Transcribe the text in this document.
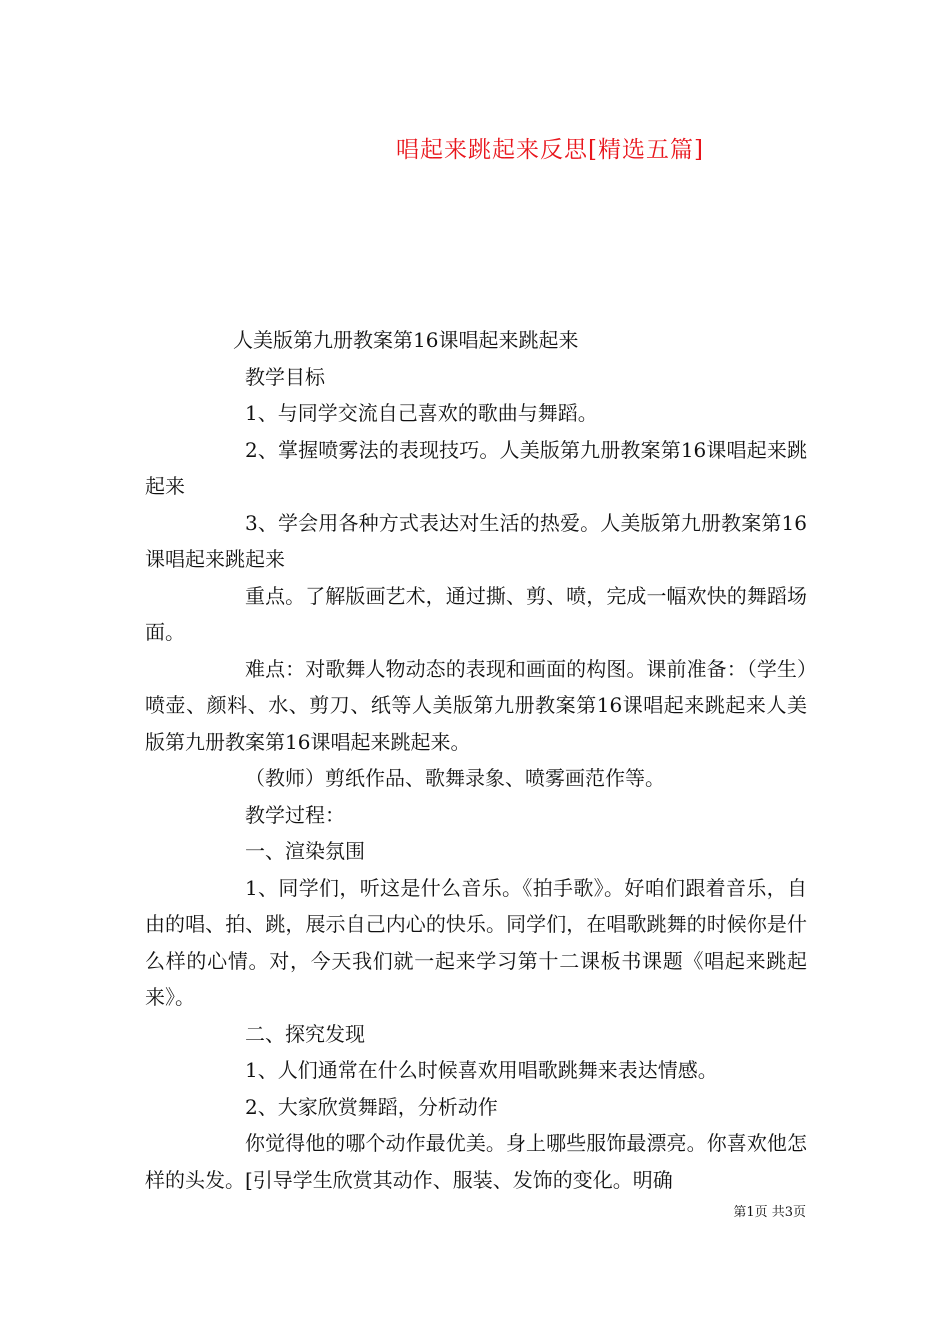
唱起来跳起来反思[精选五篇]

人美版第九册教案第16课唱起来跳起来

教学目标

1、与同学交流自己喜欢的歌曲与舞蹈。

2、掌握喷雾法的表现技巧。人美版第九册教案第16课唱起来跳起来

3、学会用各种方式表达对生活的热爱。人美版第九册教案第16课唱起来跳起来

重点。了解版画艺术，通过撕、剪、喷，完成一幅欢快的舞蹈场面。

难点：对歌舞人物动态的表现和画面的构图。课前准备：（学生）喷壶、颜料、水、剪刀、纸等人美版第九册教案第16课唱起来跳起来人美版第九册教案第16课唱起来跳起来。

（教师）剪纸作品、歌舞录象、喷雾画范作等。

教学过程：

一、渲染氛围

1、同学们，听这是什么音乐。《拍手歌》。好咱们跟着音乐，自由的唱、拍、跳，展示自己内心的快乐。同学们，在唱歌跳舞的时候你是什么样的心情。对，今天我们就一起来学习第十二课板书课题《唱起来跳起来》。

二、探究发现

1、人们通常在什么时候喜欢用唱歌跳舞来表达情感。

2、大家欣赏舞蹈，分析动作

你觉得他的哪个动作最优美。身上哪些服饰最漂亮。你喜欢他怎样的头发。[引导学生欣赏其动作、服装、发饰的变化。明确

第1页 共3页
